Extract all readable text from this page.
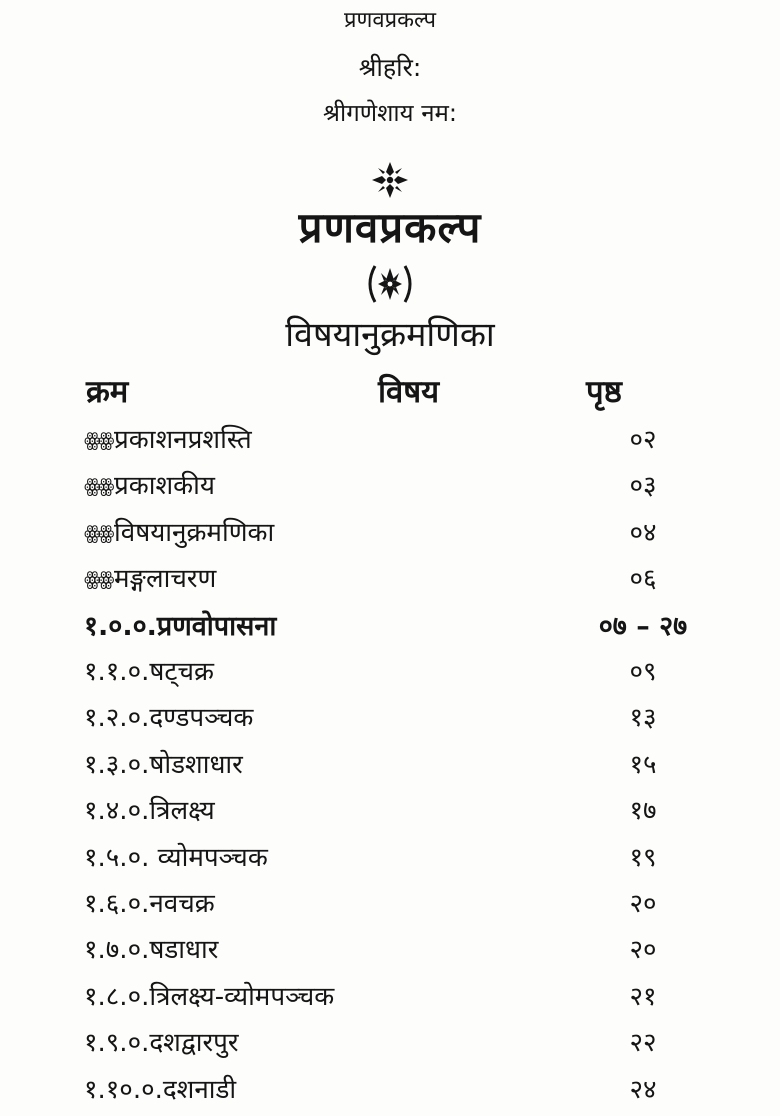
प्रणवप्रकल्प
श्रीहरि:
श्रीगणेशाय नम:
प्रणवप्रकल्प
विषयानुक्रमणिका
क्रम	विषय	पृष्ठ
ꙮꙮप्रकाशनप्रशस्ति	०२
ꙮꙮप्रकाशकीय	०३
ꙮꙮविषयानुक्रमणिका	०४
ꙮꙮमङ्गलाचरण	०६
१.०.०.प्रणवोपासना	०७ – २७
१.१.०.षट्चक्र	०९
१.२.०.दण्डपञ्चक	१३
१.३.०.षोडशाधार	१५
१.४.०.त्रिलक्ष्य	१७
१.५.०. व्योमपञ्चक	१९
१.६.०.नवचक्र	२०
१.७.०.षडाधार	२०
१.८.०.त्रिलक्ष्य-व्योमपञ्चक	२१
१.९.०.दशद्वारपुर	२२
१.१०.०.दशनाडी	२४
